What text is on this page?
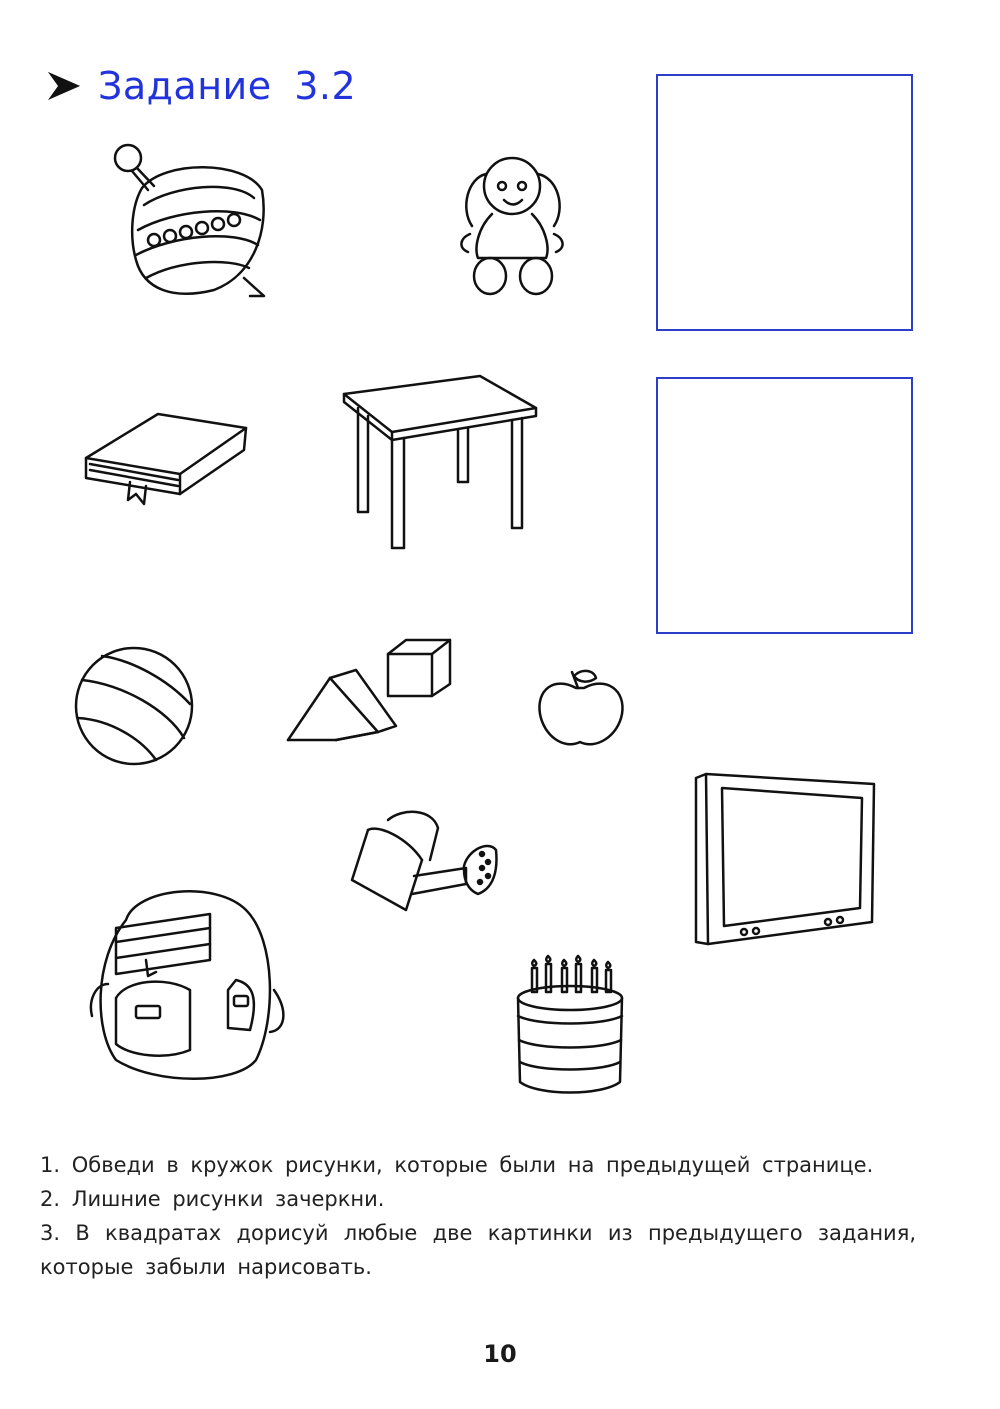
Задание 3.2

1. Обведи в кружок рисунки, которые были на предыдущей странице.

2. Лишние рисунки зачеркни.

3. В квадратах дорисуй любые две картинки из предыдущего задания, которые забыли нарисовать.

10
